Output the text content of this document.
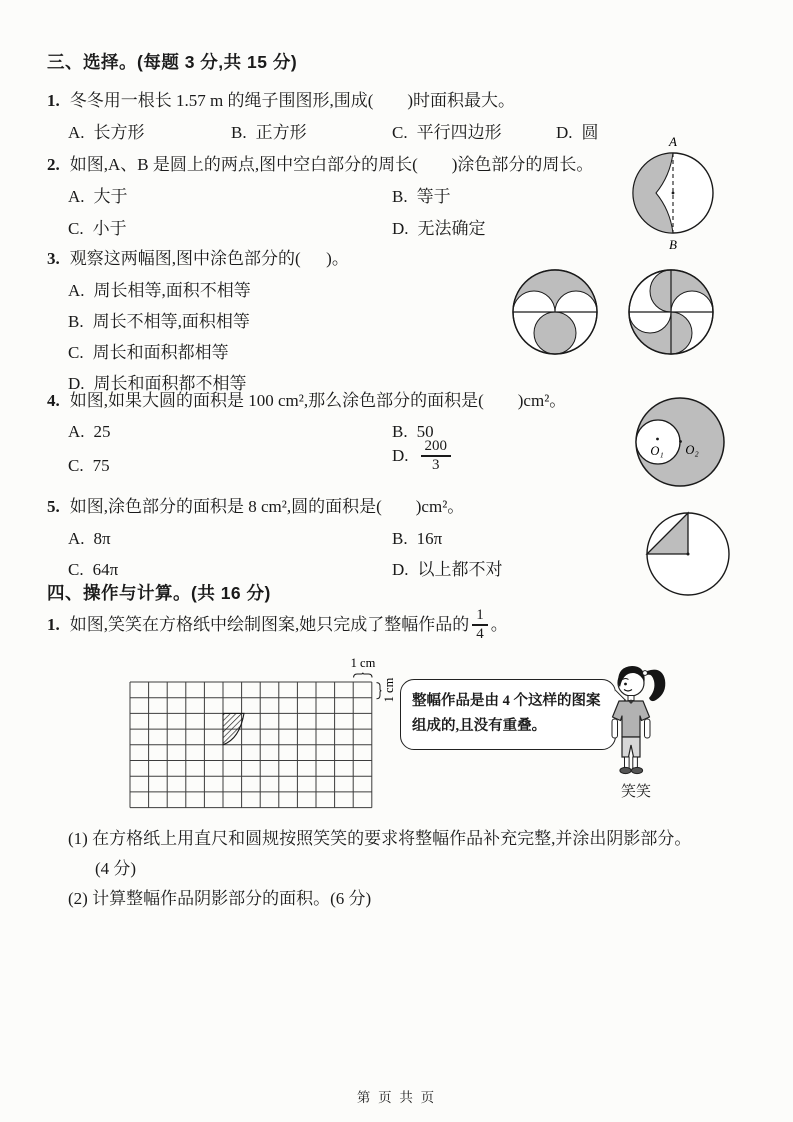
三、选择。(每题 3 分,共 15 分)
1. 冬冬用一根长 1.57 m 的绳子围图形,围成(        )时面积最大。
A. 长方形	B. 正方形	C. 平行四边形	D. 圆
2. 如图,A、B 是圆上的两点,图中空白部分的周长(        )涂色部分的周长。
A. 大于	B. 等于
C. 小于	D. 无法确定
A
B
3. 观察这两幅图,图中涂色部分的(      )。
A. 周长相等,面积不相等
B. 周长不相等,面积相等
C. 周长和面积都相等
D. 周长和面积都不相等
4. 如图,如果大圆的面积是 100 cm²,那么涂色部分的面积是(        )cm²。
A. 25	B. 50
C. 75
D. $\frac{200}{3}$	O₁ O₂
5. 如图,涂色部分的面积是 8 cm²,圆的面积是(        )cm²。
A. 8π	B. 16π
C. 64π	D. 以上都不对
四、操作与计算。(共 16 分)
1. 如图,笑笑在方格纸中绘制图案,她只完成了整幅作品的 $\frac{1}{4}$ 。
1 cm
1 cm 整幅作品是由 4 个这样的图案
组成的,且没有重叠。
笑笑
(1) 在方格纸上用直尺和圆规按照笑笑的要求将整幅作品补充完整,并涂出阴影部分。
(4 分)
(2) 计算整幅作品阴影部分的面积。(6 分)
第 页 共 页
